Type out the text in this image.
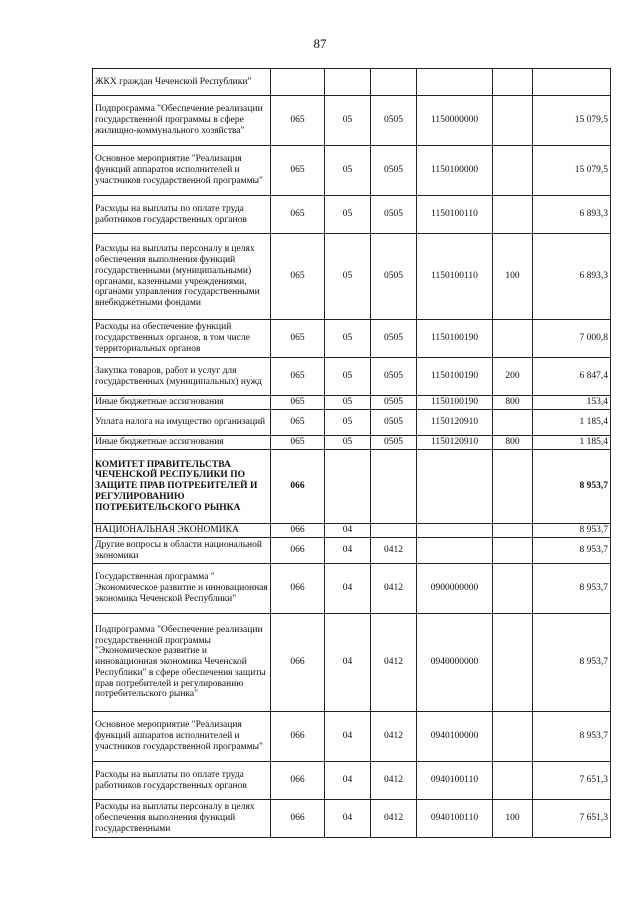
87
ЖКХ граждан Чеченской Республики"						
Подпрограмма "Обеспечение реализации государственной программы в сфере жилищно-коммунального хозяйства"	065	05	0505	1150000000		15 079,5
Основное мероприятие "Реализация функций аппаратов исполнителей и участников государственной программы"	065	05	0505	1150100000		15 079,5
Расходы на выплаты по оплате труда работников государственных органов	065	05	0505	1150100110		6 893,3
Расходы на выплаты персоналу в целях обеспечения выполнения функций государственными (муниципальными) органами, казенными учреждениями, органами управления государственными внебюджетными фондами	065	05	0505	1150100110	100	6 893,3
Расходы на обеспечение функций государственных органов, в том числе территориальных органов	065	05	0505	1150100190		7 000,8
Закупка товаров, работ и услуг для государственных (муниципальных) нужд	065	05	0505	1150100190	200	6 847,4
Иные бюджетные ассигнования	065	05	0505	1150100190	800	153,4
Уплата налога на имущество организаций	065	05	0505	1150120910		1 185,4
Иные бюджетные ассигнования	065	05	0505	1150120910	800	1 185,4
КОМИТЕТ ПРАВИТЕЛЬСТВА ЧЕЧЕНСКОЙ РЕСПУБЛИКИ ПО ЗАЩИТЕ ПРАВ ПОТРЕБИТЕЛЕЙ И РЕГУЛИРОВАНИЮ ПОТРЕБИТЕЛЬСКОГО РЫНКА	066					8 953,7
НАЦИОНАЛЬНАЯ ЭКОНОМИКА	066	04				8 953,7
Другие вопросы в области национальной экономики	066	04	0412			8 953,7
Государственная программа " Экономическое развитие и инновационная экономика Чеченской Республики"	066	04	0412	0900000000		8 953,7
Подпрограмма "Обеспечение реализации государственной программы "Экономическое развитие и инновационная экономика Чеченской Республики" в сфере обеспечения защиты прав потребителей и регулированию потребительского рынка"	066	04	0412	0940000000		8 953,7
Основное мероприятие "Реализация функций аппаратов исполнителей и участников государственной программы"	066	04	0412	0940100000		8 953,7
Расходы на выплаты по оплате труда работников государственных органов	066	04	0412	0940100110		7 651,3
Расходы на выплаты персоналу в целях обеспечения выполнения функций государственными	066	04	0412	0940100110	100	7 651,3
